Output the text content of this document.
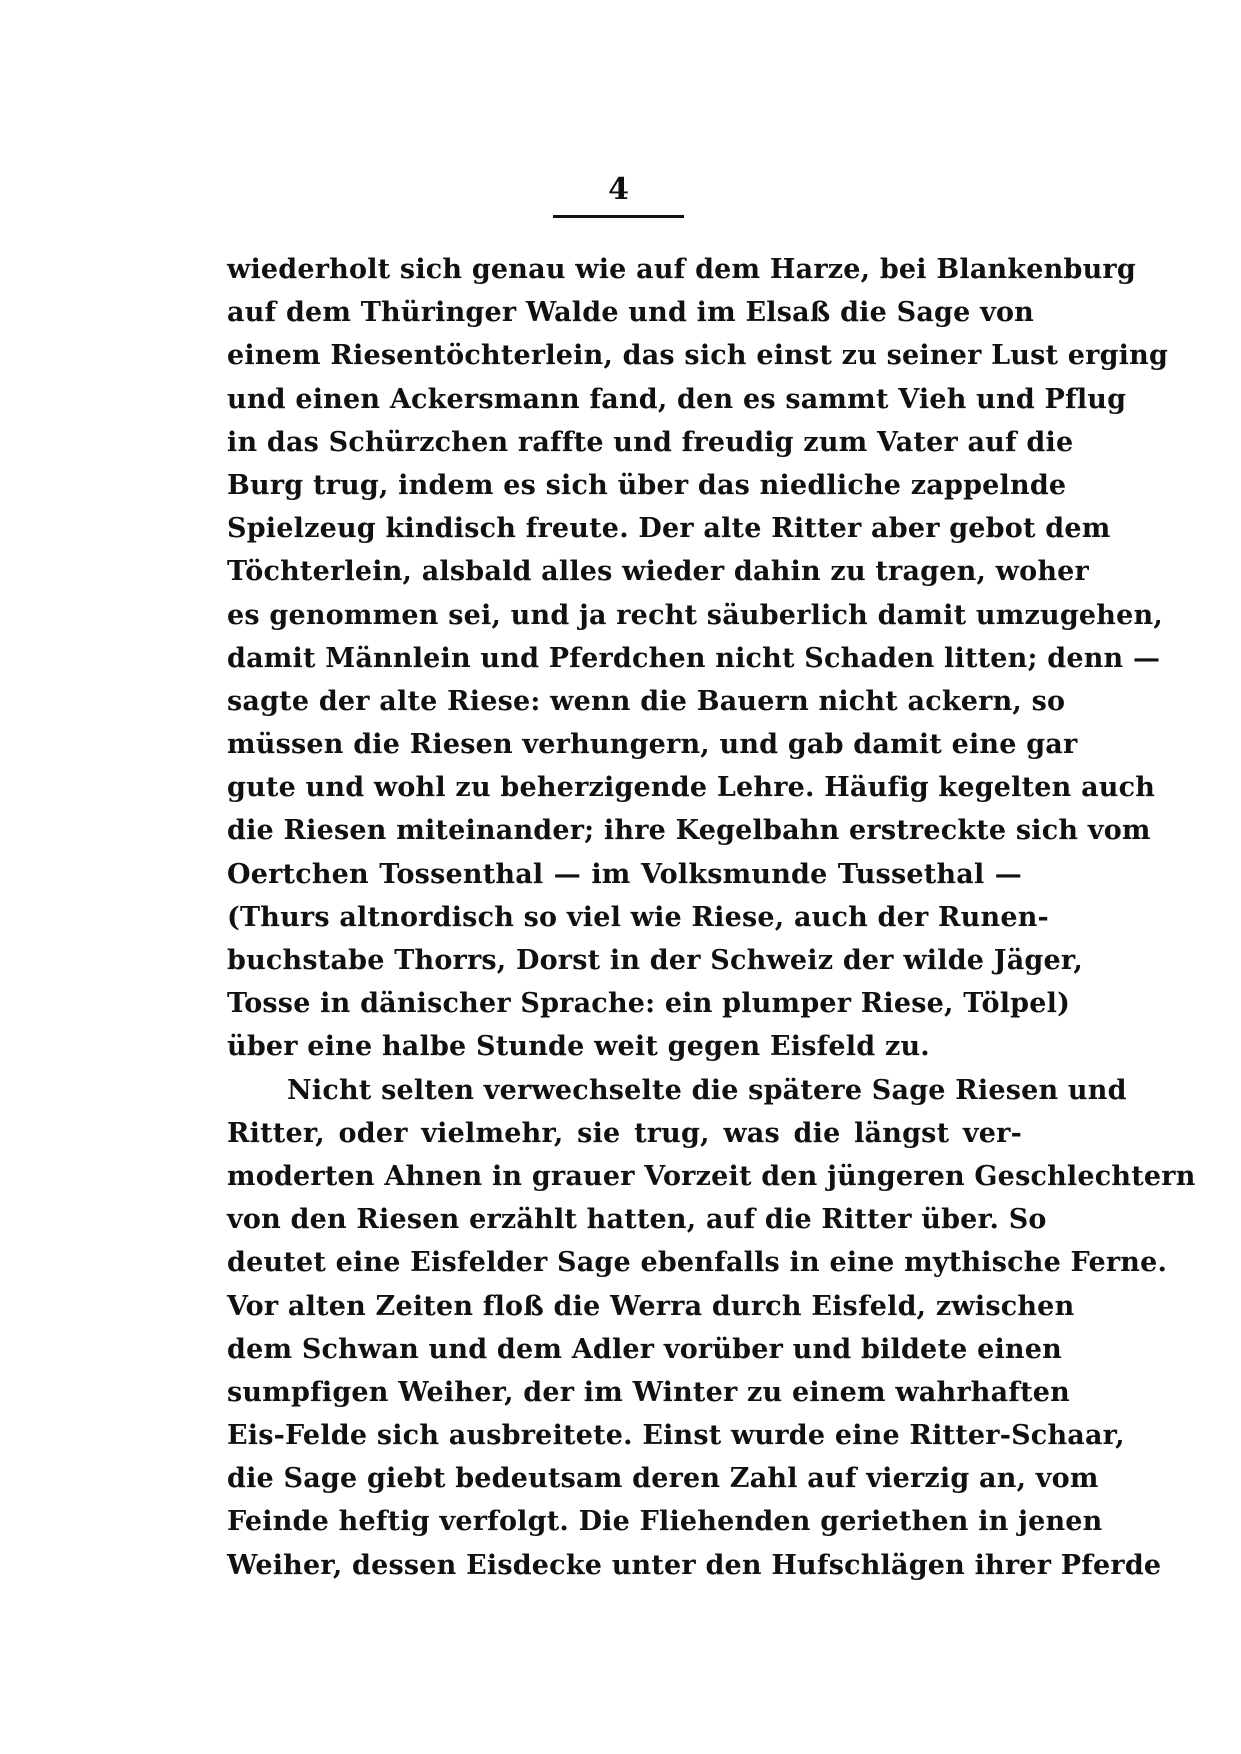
4
wiederholt sich genau wie auf dem Harze, bei Blankenburg
auf dem Thüringer Walde und im Elsaß die Sage von
einem Riesentöchterlein, das sich einst zu seiner Lust erging
und einen Ackersmann fand, den es sammt Vieh und Pflug
in das Schürzchen raffte und freudig zum Vater auf die
Burg trug, indem es sich über das niedliche zappelnde
Spielzeug kindisch freute. Der alte Ritter aber gebot dem
Töchterlein, alsbald alles wieder dahin zu tragen, woher
es genommen sei, und ja recht säuberlich damit umzugehen,
damit Männlein und Pferdchen nicht Schaden litten; denn —
sagte der alte Riese: wenn die Bauern nicht ackern, so
müssen die Riesen verhungern, und gab damit eine gar
gute und wohl zu beherzigende Lehre. Häufig kegelten auch
die Riesen miteinander; ihre Kegelbahn erstreckte sich vom
Oertchen Tossenthal — im Volksmunde Tussethal —
(Thurs altnordisch so viel wie Riese, auch der Runen-
buchstabe Thorrs, Dorst in der Schweiz der wilde Jäger,
Tosse in dänischer Sprache: ein plumper Riese, Tölpel)
über eine halbe Stunde weit gegen Eisfeld zu.
Nicht selten verwechselte die spätere Sage Riesen und
Ritter, oder vielmehr, sie trug, was die längst ver-
moderten Ahnen in grauer Vorzeit den jüngeren Geschlechtern
von den Riesen erzählt hatten, auf die Ritter über. So
deutet eine Eisfelder Sage ebenfalls in eine mythische Ferne.
Vor alten Zeiten floß die Werra durch Eisfeld, zwischen
dem Schwan und dem Adler vorüber und bildete einen
sumpfigen Weiher, der im Winter zu einem wahrhaften
Eis-Felde sich ausbreitete. Einst wurde eine Ritter-Schaar,
die Sage giebt bedeutsam deren Zahl auf vierzig an, vom
Feinde heftig verfolgt. Die Fliehenden geriethen in jenen
Weiher, dessen Eisdecke unter den Hufschlägen ihrer Pferde
